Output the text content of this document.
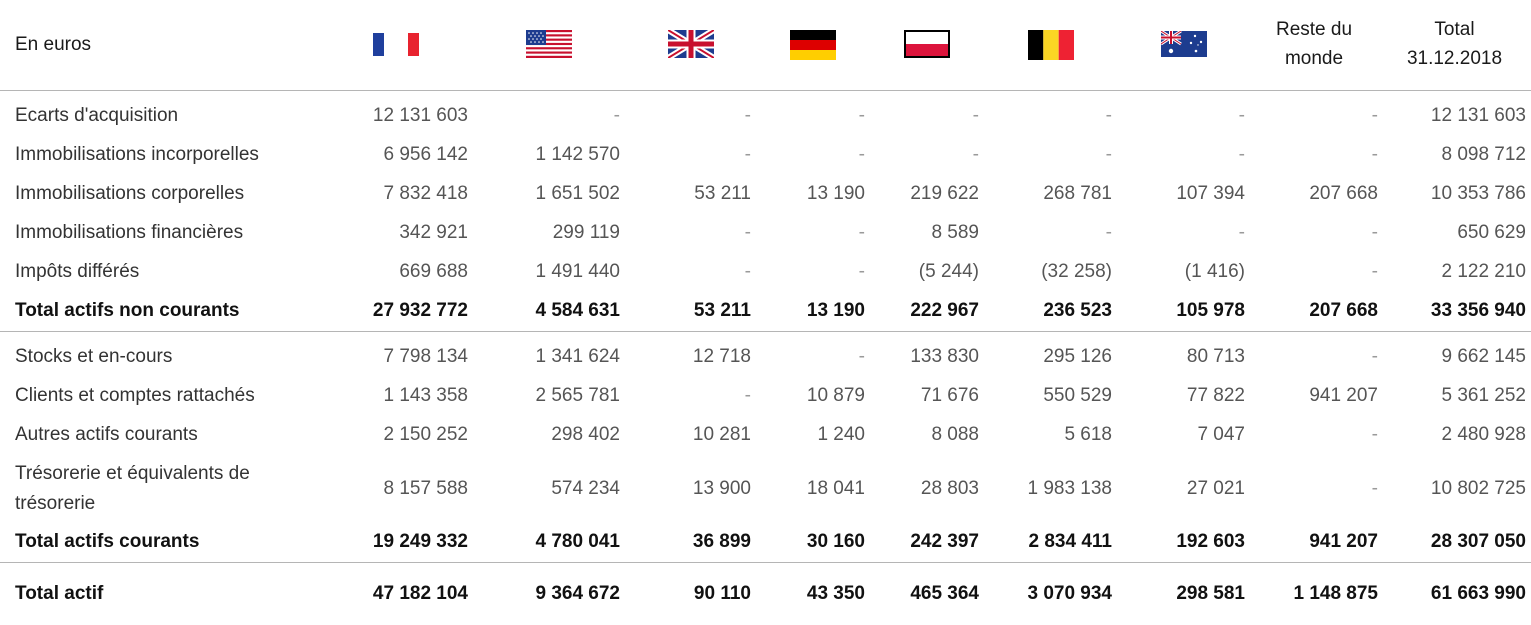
En euros								Reste du
monde	Total
31.12.2018
Ecarts d'acquisition	12 131 603	-	-	-	-	-	-	-	12 131 603
Immobilisations incorporelles	6 956 142	1 142 570	-	-	-	-	-	-	8 098 712
Immobilisations corporelles	7 832 418	1 651 502	53 211	13 190	219 622	268 781	107 394	207 668	10 353 786
Immobilisations financières	342 921	299 119	-	-	8 589	-	-	-	650 629
Impôts différés	669 688	1 491 440	-	-	(5 244)	(32 258)	(1 416)	-	2 122 210
Total actifs non courants	27 932 772	4 584 631	53 211	13 190	222 967	236 523	105 978	207 668	33 356 940

Stocks et en-cours	7 798 134	1 341 624	12 718	-	133 830	295 126	80 713	-	9 662 145
Clients et comptes rattachés	1 143 358	2 565 781	-	10 879	71 676	550 529	77 822	941 207	5 361 252
Autres actifs courants	2 150 252	298 402	10 281	1 240	8 088	5 618	7 047	-	2 480 928
Trésorerie et équivalents de
trésorerie	8 157 588	574 234	13 900	18 041	28 803	1 983 138	27 021	-	10 802 725
Total actifs courants	19 249 332	4 780 041	36 899	30 160	242 397	2 834 411	192 603	941 207	28 307 050
Total actif	47 182 104	9 364 672	90 110	43 350	465 364	3 070 934	298 581	1 148 875	61 663 990
